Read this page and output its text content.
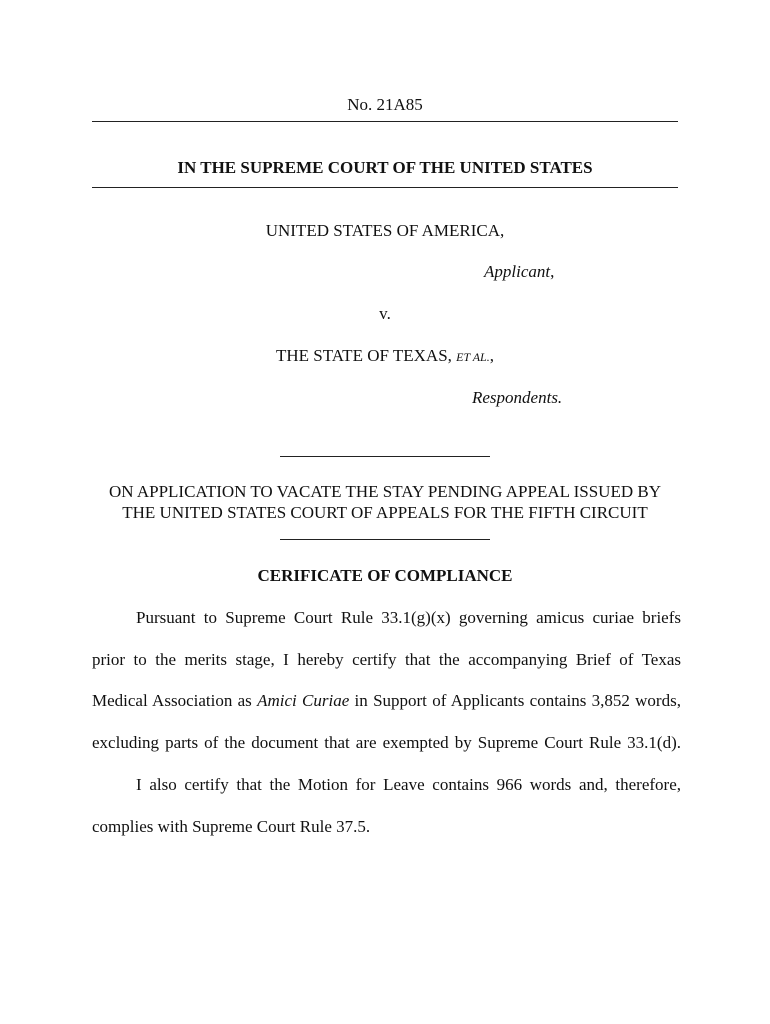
No. 21A85
IN THE SUPREME COURT OF THE UNITED STATES
UNITED STATES OF AMERICA,
Applicant,
v.
THE STATE OF TEXAS, ET AL.,
Respondents.
ON APPLICATION TO VACATE THE STAY PENDING APPEAL ISSUED BY
THE UNITED STATES COURT OF APPEALS FOR THE FIFTH CIRCUIT
CERIFICATE OF COMPLIANCE
Pursuant to Supreme Court Rule 33.1(g)(x) governing amicus curiae briefs
prior to the merits stage, I hereby certify that the accompanying Brief of Texas
Medical Association as Amici Curiae in Support of Applicants contains 3,852 words,
excluding parts of the document that are exempted by Supreme Court Rule 33.1(d).
I also certify that the Motion for Leave contains 966 words and, therefore,
complies with Supreme Court Rule 37.5.
